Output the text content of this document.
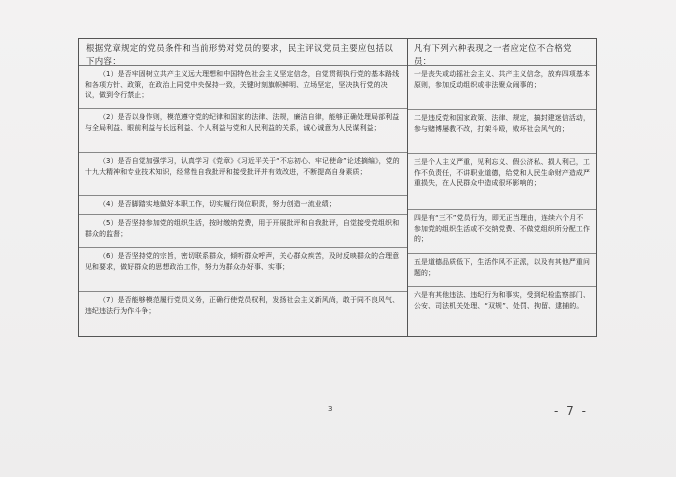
根据党章规定的党员条件和当前形势对党员的要求，民主评议党员主要应包括以下内容：
（1）是否牢固树立共产主义远大理想和中国特色社会主义坚定信念，自觉贯彻执行党的基本路线和各项方针、政策，在政治上同党中央保持一致，关键时刻旗帜鲜明、立场坚定，坚决执行党的决议，做到令行禁止；
（2）是否以身作则，模范遵守党的纪律和国家的法律、法规，廉洁自律，能够正确处理局部利益与全局利益、眼前利益与长远利益、个人利益与党和人民利益的关系，诚心诚意为人民谋利益；
（3）是否自觉加强学习，认真学习《党章》《习近平关于“不忘初心、牢记使命”论述摘编》，党的十九大精神和专业技术知识，经常性自我批评和接受批评并有效改进，不断提高自身素质；
（4）是否脚踏实地做好本职工作，切实履行岗位职责，努力创造一流业绩；
（5）是否坚持参加党的组织生活，按时缴纳党费，用于开展批评和自我批评，自觉接受党组织和群众的监督；
（6）是否坚持党的宗旨，密切联系群众，倾听群众呼声，关心群众疾苦，及时反映群众的合理意见和要求，做好群众的思想政治工作，努力为群众办好事、实事；
（7）是否能够模范履行党员义务，正确行使党员权利，发扬社会主义新风尚，敢于同不良风气、违纪违法行为作斗争；
凡有下列六种表现之一者应定位不合格党员：
一是丧失或动摇社会主义、共产主义信念，放弃四项基本原则，参加反动组织或非法聚众闹事的；
二是违反党和国家政策、法律、规定，搞封建迷信活动，参与赌博屡教不改，打架斗殴，败坏社会风气的；
三是个人主义严重，见利忘义、假公济私、损人利己，工作不负责任，不讲职业道德，给党和人民生命财产造成严重损失，在人民群众中造成很坏影响的；
四是有“三不”党员行为，即无正当理由，连续六个月不参加党的组织生活或不交纳党费、不做党组织所分配工作的；
五是道德品质低下，生活作风不正派，以及有其他严重问题的；
六是有其他违法、违纪行为和事实，受到纪检监察部门、公安、司法机关处理、“双规”、处罚、拘留、逮捕的。
3	- 7 -
